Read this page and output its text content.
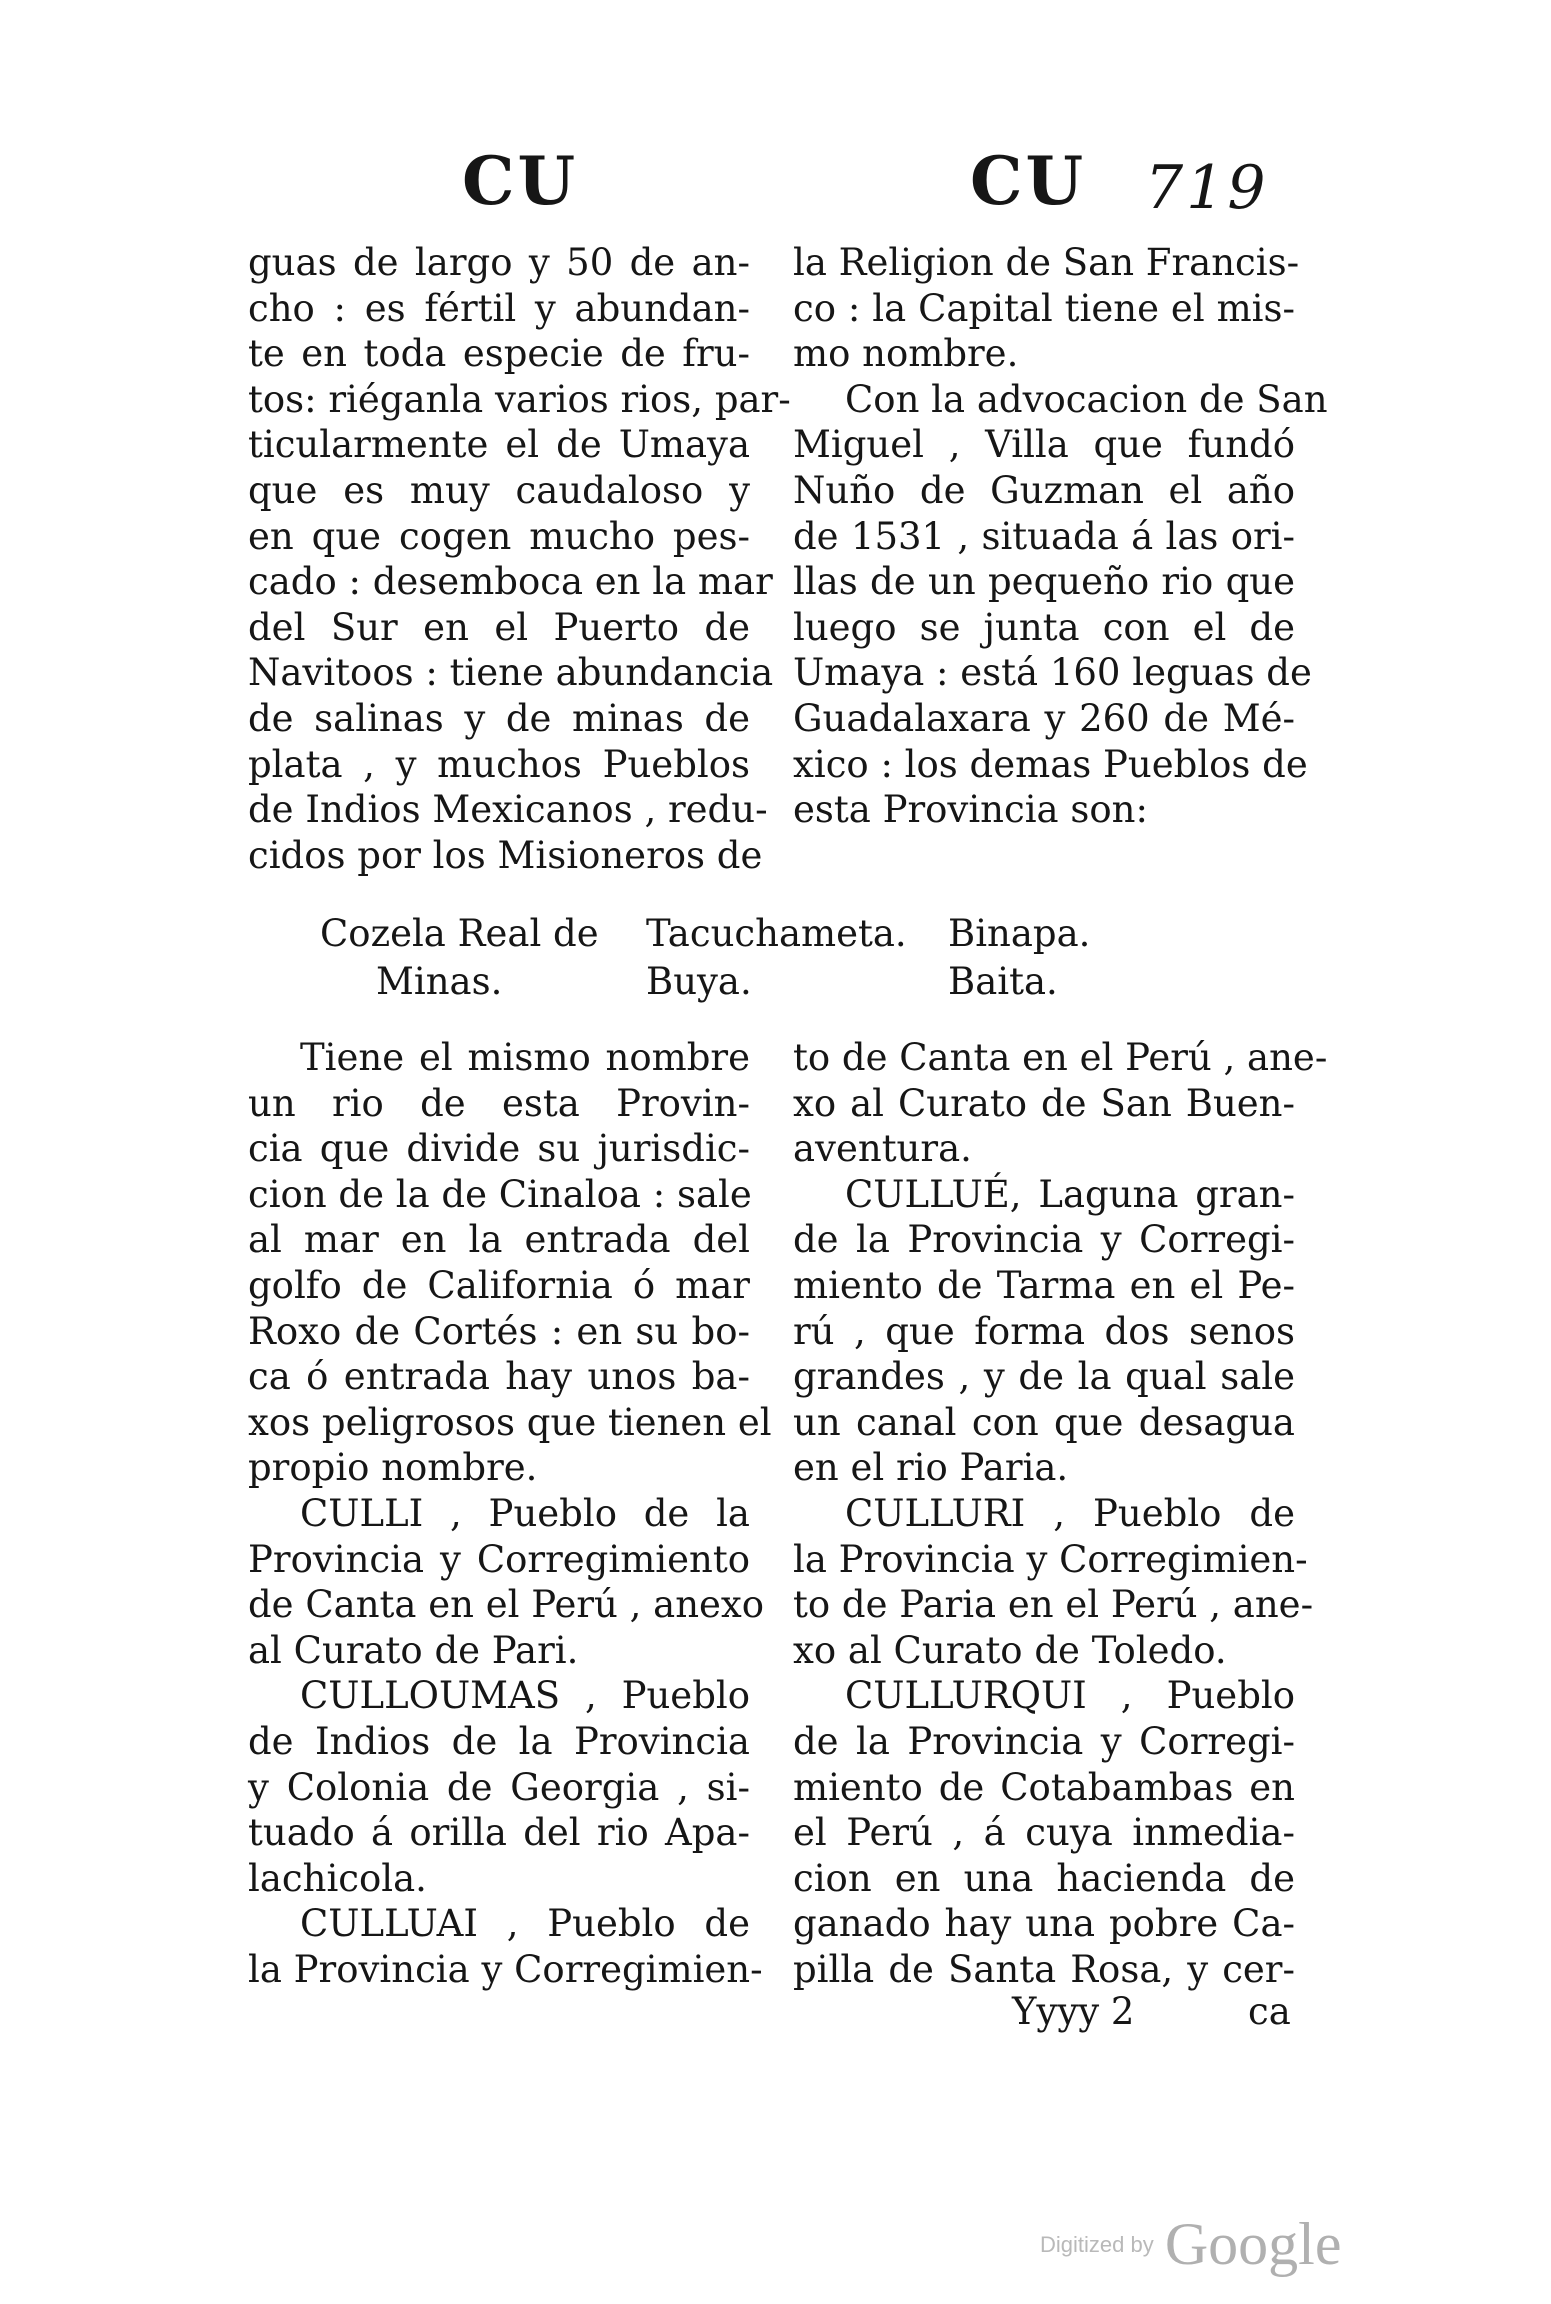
CU	CU 719
guas de largo y 50 de an-
cho : es fértil y abundan-
te en toda especie de fru-
tos: riéganla varios rios, par-
ticularmente el de Umaya
que es muy caudaloso y
en que cogen mucho pes-
cado : desemboca en la mar
del Sur en el Puerto de
Navitoos : tiene abundancia
de salinas y de minas de
plata , y muchos Pueblos
de Indios Mexicanos , redu-
cidos por los Misioneros de
la Religion de San Francis-
co : la Capital tiene el mis-
mo nombre.
Con la advocacion de San
Miguel , Villa que fundó
Nuño de Guzman el año
de 1531 , situada á las ori-
llas de un pequeño rio que
luego se junta con el de
Umaya : está 160 leguas de
Guadalaxara y 260 de Mé-
xico : los demas Pueblos de
esta Provincia son:
Cozela Real de
Minas.
Tacuchameta.
Buya.
Binapa.
Baita.
Tiene el mismo nombre
un rio de esta Provin-
cia que divide su jurisdic-
cion de la de Cinaloa : sale
al mar en la entrada del
golfo de California ó mar
Roxo de Cortés : en su bo-
ca ó entrada hay unos ba-
xos peligrosos que tienen el
propio nombre.
CULLI , Pueblo de la
Provincia y Corregimiento
de Canta en el Perú , anexo
al Curato de Pari.
CULLOUMAS , Pueblo
de Indios de la Provincia
y Colonia de Georgia , si-
tuado á orilla del rio Apa-
lachicola.
CULLUAI , Pueblo de
la Provincia y Corregimien-
to de Canta en el Perú , ane-
xo al Curato de San Buen-
aventura.
CULLUÉ, Laguna gran-
de la Provincia y Corregi-
miento de Tarma en el Pe-
rú , que forma dos senos
grandes , y de la qual sale
un canal con que desagua
en el rio Paria.
CULLURI , Pueblo de
la Provincia y Corregimien-
to de Paria en el Perú , ane-
xo al Curato de Toledo.
CULLURQUI , Pueblo
de la Provincia y Corregi-
miento de Cotabambas en
el Perú , á cuya inmedia-
cion en una hacienda de
ganado hay una pobre Ca-
pilla de Santa Rosa, y cer-
Yyyy 2	ca
Digitized by Google
